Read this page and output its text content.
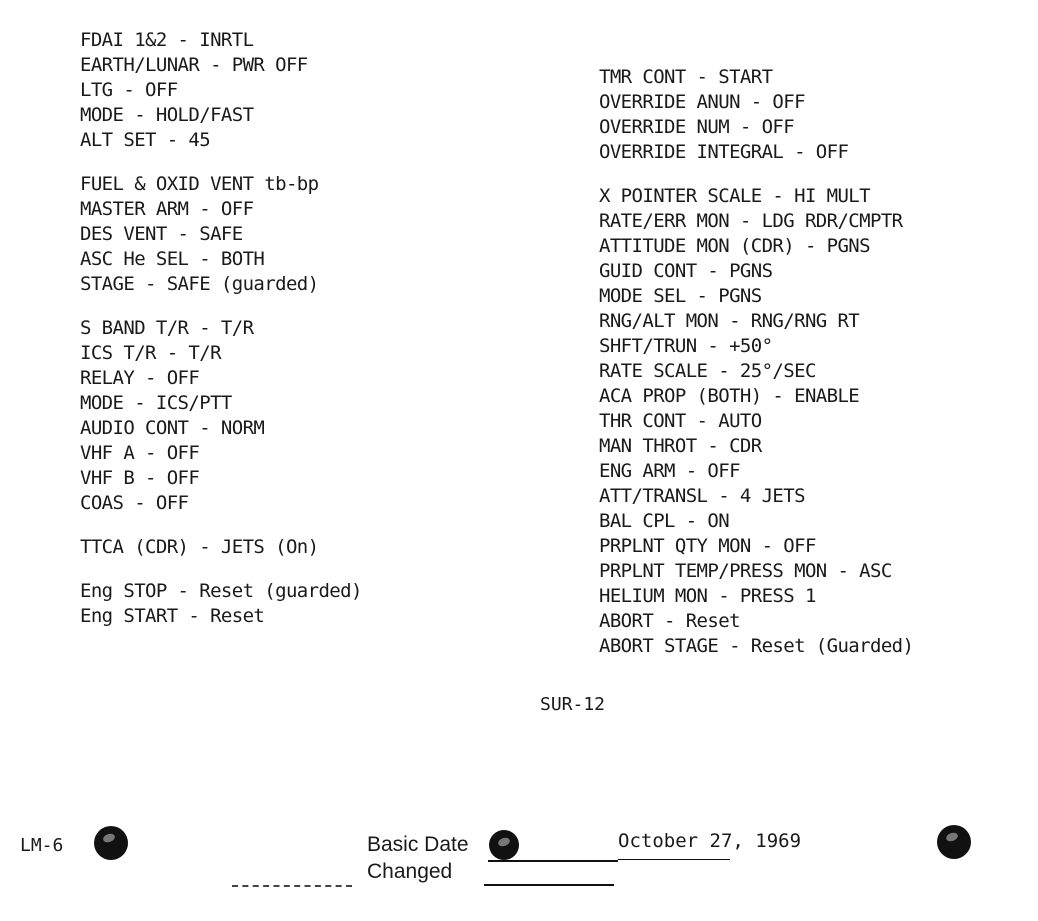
FDAI 1&2 - INRTL
EARTH/LUNAR - PWR OFF
LTG - OFF
MODE - HOLD/FAST
ALT SET - 45
FUEL & OXID VENT tb-bp
MASTER ARM - OFF
DES VENT - SAFE
ASC He SEL - BOTH
STAGE - SAFE (guarded)
S BAND T/R - T/R
ICS T/R - T/R
RELAY - OFF
MODE - ICS/PTT
AUDIO CONT - NORM
VHF A - OFF
VHF B - OFF
COAS - OFF
TTCA (CDR) - JETS (On)
Eng STOP - Reset (guarded)
Eng START - Reset
TMR CONT - START
OVERRIDE ANUN - OFF
OVERRIDE NUM - OFF
OVERRIDE INTEGRAL - OFF
X POINTER SCALE - HI MULT
RATE/ERR MON - LDG RDR/CMPTR
ATTITUDE MON (CDR) - PGNS
GUID CONT - PGNS
MODE SEL - PGNS
RNG/ALT MON - RNG/RNG RT
SHFT/TRUN - +50°
RATE SCALE - 25°/SEC
ACA PROP (BOTH) - ENABLE
THR CONT - AUTO
MAN THROT - CDR
ENG ARM - OFF
ATT/TRANSL - 4 JETS
BAL CPL - ON
PRPLNT QTY MON - OFF
PRPLNT TEMP/PRESS MON - ASC
HELIUM MON - PRESS 1
ABORT - Reset
ABORT STAGE - Reset (Guarded)
SUR-12
LM-6	Basic Date	October 27, 1969
Changed
